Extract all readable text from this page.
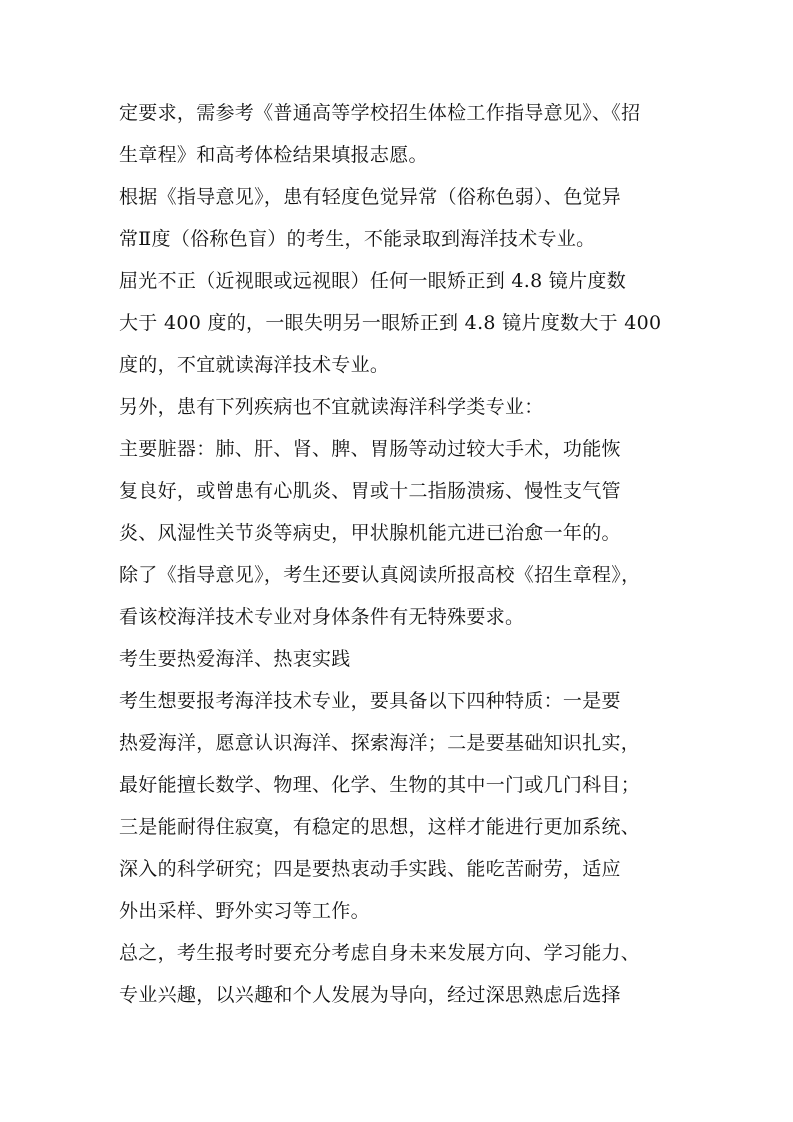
定要求，需参考《普通高等学校招生体检工作指导意见》、《招
生章程》和高考体检结果填报志愿。
根据《指导意见》，患有轻度色觉异常（俗称色弱）、色觉异
常Ⅱ度（俗称色盲）的考生，不能录取到海洋技术专业。
屈光不正（近视眼或远视眼）任何一眼矫正到 4.8 镜片度数
大于 400 度的，一眼失明另一眼矫正到 4.8 镜片度数大于 400
度的，不宜就读海洋技术专业。
另外，患有下列疾病也不宜就读海洋科学类专业：
主要脏器：肺、肝、肾、脾、胃肠等动过较大手术，功能恢
复良好，或曾患有心肌炎、胃或十二指肠溃疡、慢性支气管
炎、风湿性关节炎等病史，甲状腺机能亢进已治愈一年的。
除了《指导意见》，考生还要认真阅读所报高校《招生章程》，
看该校海洋技术专业对身体条件有无特殊要求。
考生要热爱海洋、热衷实践
考生想要报考海洋技术专业，要具备以下四种特质：一是要
热爱海洋，愿意认识海洋、探索海洋；二是要基础知识扎实，
最好能擅长数学、物理、化学、生物的其中一门或几门科目；
三是能耐得住寂寞，有稳定的思想，这样才能进行更加系统、
深入的科学研究；四是要热衷动手实践、能吃苦耐劳，适应
外出采样、野外实习等工作。
总之，考生报考时要充分考虑自身未来发展方向、学习能力、
专业兴趣，以兴趣和个人发展为导向，经过深思熟虑后选择
